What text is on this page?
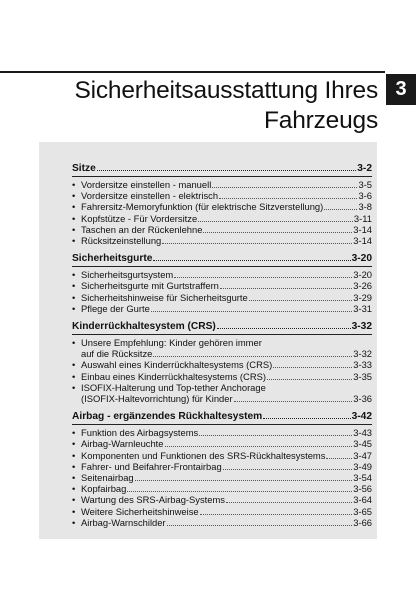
Sicherheitsausstattung Ihres
Fahrzeugs
3
Sitze	3-2
• Vordersitze einstellen - manuell	3-5
• Vordersitze einstellen - elektrisch	3-6
• Fahrersitz-Memoryfunktion (für elektrische Sitzverstellung)	3-8
• Kopfstütze - Für Vordersitze	3-11
• Taschen an der Rückenlehne	3-14
• Rücksitzeinstellung	3-14
Sicherheitsgurte	3-20
• Sicherheitsgurtsystem	3-20
• Sicherheitsgurte mit Gurtstraffern	3-26
• Sicherheitshinweise für Sicherheitsgurte	3-29
• Pflege der Gurte	3-31
Kinderrückhaltesystem (CRS)	3-32
• Unsere Empfehlung: Kinder gehören immer
auf die Rücksitze	3-32
• Auswahl eines Kinderrückhaltesystems (CRS)	3-33
• Einbau eines Kinderrückhaltesystems (CRS)	3-35
• ISOFIX-Halterung und Top-tether Anchorage
(ISOFIX-Haltevorrichtung) für Kinder	3-36
Airbag - ergänzendes Rückhaltesystem	3-42
• Funktion des Airbagsystems	3-43
• Airbag-Warnleuchte	3-45
• Komponenten und Funktionen des SRS-Rückhaltesystems	3-47
• Fahrer- und Beifahrer-Frontairbag	3-49
• Seitenairbag	3-54
• Kopfairbag	3-56
• Wartung des SRS-Airbag-Systems	3-64
• Weitere Sicherheitshinweise	3-65
• Airbag-Warnschilder	3-66
